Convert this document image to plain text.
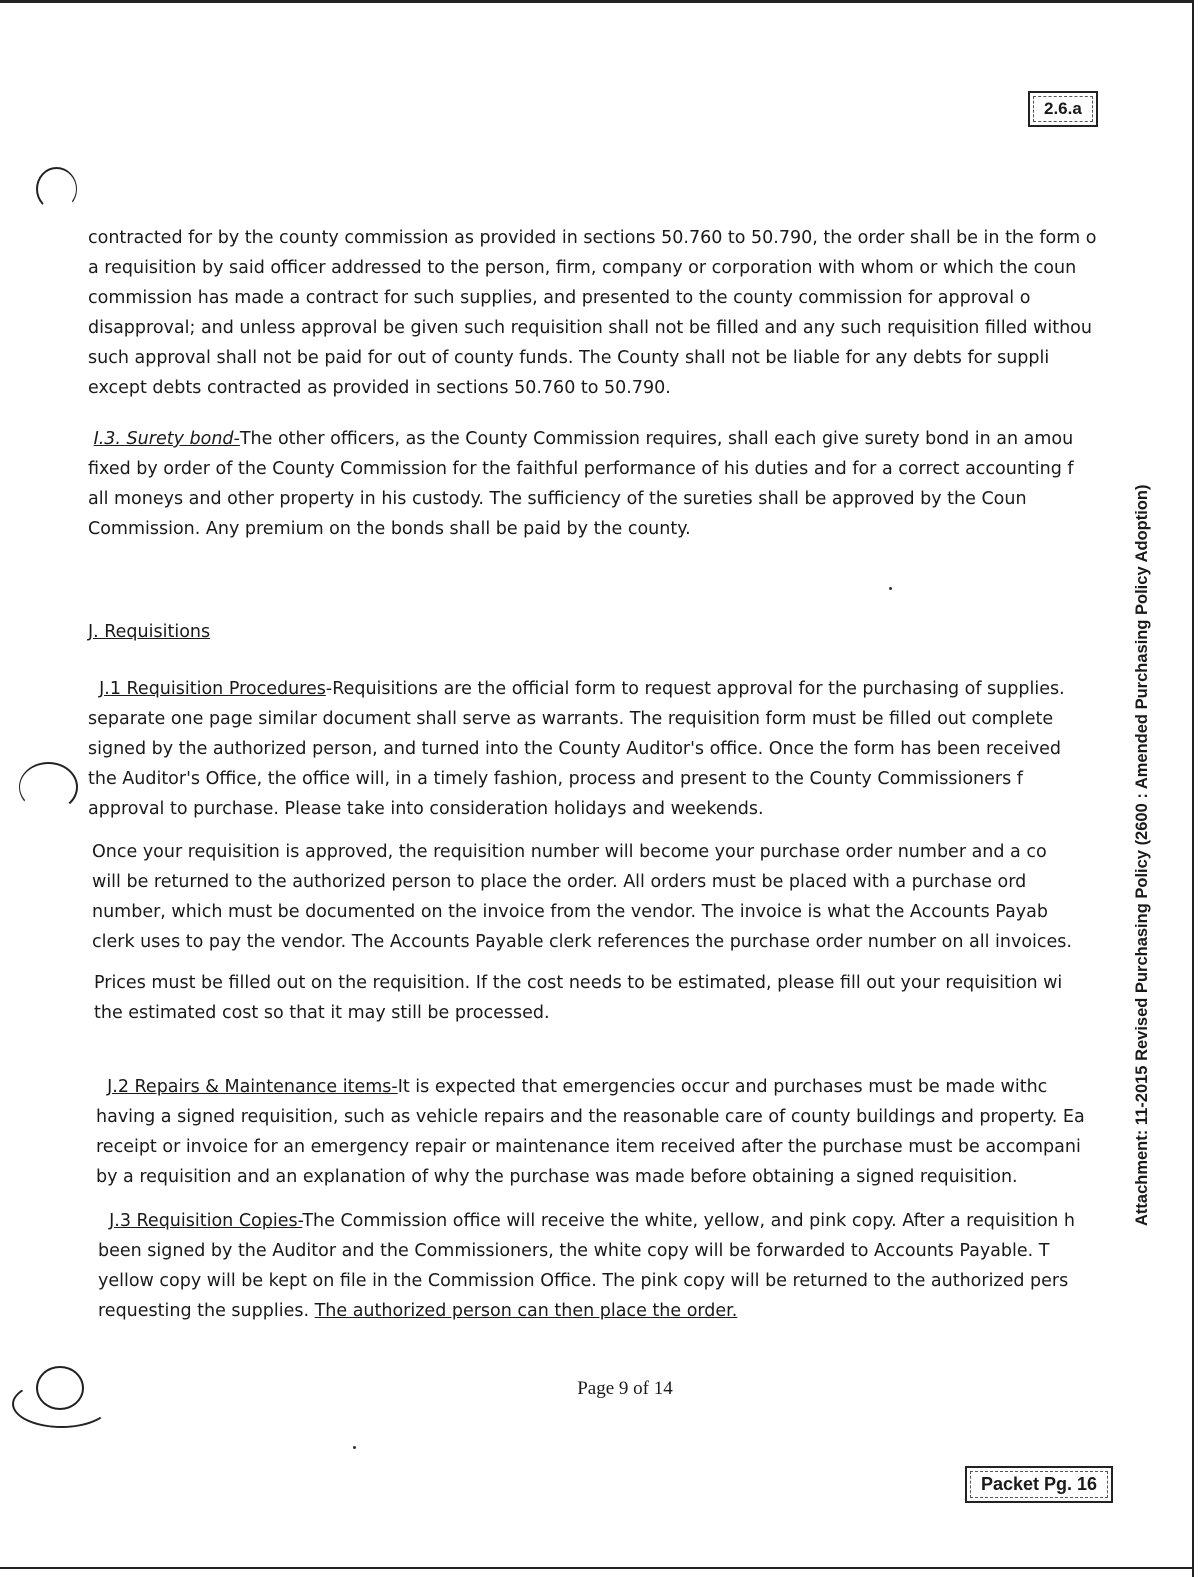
2.6.a
contracted for by the county commission as provided in sections 50.760 to 50.790, the order shall be in the form o
a requisition by said officer addressed to the person, firm, company or corporation with whom or which the coun
commission has made a contract for such supplies, and presented to the county commission for approval o
disapproval; and unless approval be given such requisition shall not be filled and any such requisition filled withou
such approval shall not be paid for out of county funds. The County shall not be liable for any debts for suppli
except debts contracted as provided in sections 50.760 to 50.790.
I.3. Surety bond-The other officers, as the County Commission requires, shall each give surety bond in an amou
fixed by order of the County Commission for the faithful performance of his duties and for a correct accounting f
all moneys and other property in his custody. The sufficiency of the sureties shall be approved by the Coun
Commission. Any premium on the bonds shall be paid by the county.
J. Requisitions
J.1 Requisition Procedures-Requisitions are the official form to request approval for the purchasing of supplies.
separate one page similar document shall serve as warrants. The requisition form must be filled out complete
signed by the authorized person, and turned into the County Auditor's office. Once the form has been received
the Auditor's Office, the office will, in a timely fashion, process and present to the County Commissioners f
approval to purchase. Please take into consideration holidays and weekends.
Once your requisition is approved, the requisition number will become your purchase order number and a co
will be returned to the authorized person to place the order. All orders must be placed with a purchase ord
number, which must be documented on the invoice from the vendor. The invoice is what the Accounts Payab
clerk uses to pay the vendor. The Accounts Payable clerk references the purchase order number on all invoices.
Prices must be filled out on the requisition. If the cost needs to be estimated, please fill out your requisition wi
the estimated cost so that it may still be processed.
J.2 Repairs & Maintenance items-It is expected that emergencies occur and purchases must be made withc
having a signed requisition, such as vehicle repairs and the reasonable care of county buildings and property. Ea
receipt or invoice for an emergency repair or maintenance item received after the purchase must be accompani
by a requisition and an explanation of why the purchase was made before obtaining a signed requisition.
J.3 Requisition Copies-The Commission office will receive the white, yellow, and pink copy. After a requisition h
been signed by the Auditor and the Commissioners, the white copy will be forwarded to Accounts Payable. T
yellow copy will be kept on file in the Commission Office. The pink copy will be returned to the authorized pers
requesting the supplies. The authorized person can then place the order.
Page 9 of 14
Packet Pg. 16
Attachment: 11-2015 Revised Purchasing Policy (2600 : Amended Purchasing Policy Adoption)
